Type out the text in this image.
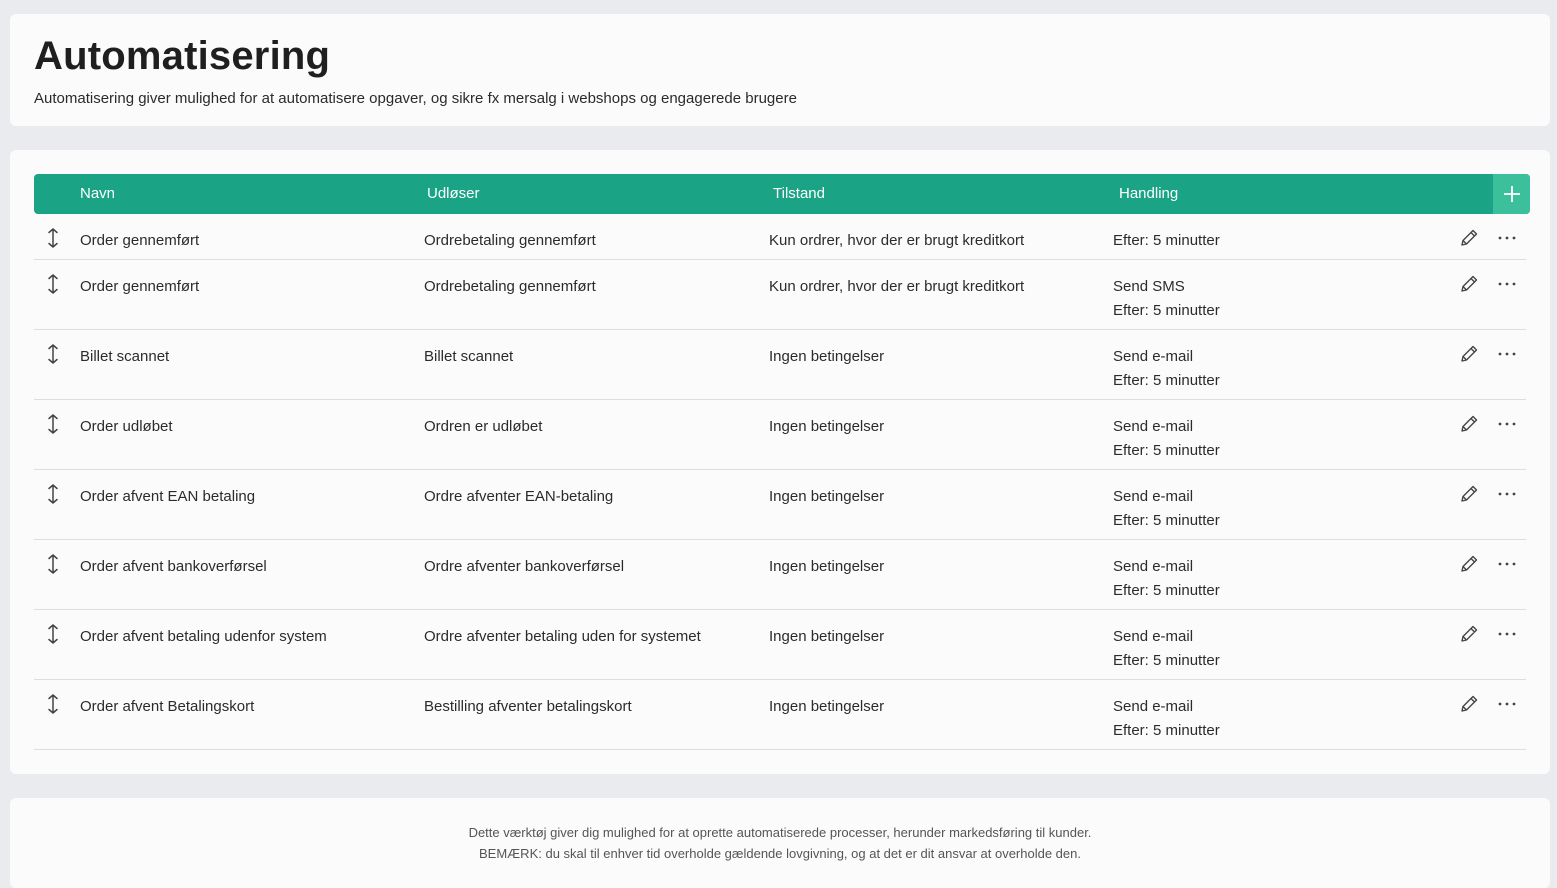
Automatisering

Automatisering giver mulighed for at automatisere opgaver, og sikre fx mersalg i webshops og engagerede brugere

Navn	Udløser	Tilstand	Handling
Order gennemført	Ordrebetaling gennemført	Kun ordrer, hvor der er brugt kreditkort	Efter: 5 minutter
Order gennemført	Ordrebetaling gennemført	Kun ordrer, hvor der er brugt kreditkort	Send SMS
Efter: 5 minutter
Billet scannet	Billet scannet	Ingen betingelser	Send e-mail
Efter: 5 minutter
Order udløbet	Ordren er udløbet	Ingen betingelser	Send e-mail
Efter: 5 minutter
Order afvent EAN betaling	Ordre afventer EAN-betaling	Ingen betingelser	Send e-mail
Efter: 5 minutter
Order afvent bankoverførsel	Ordre afventer bankoverførsel	Ingen betingelser	Send e-mail
Efter: 5 minutter
Order afvent betaling udenfor system	Ordre afventer betaling uden for systemet	Ingen betingelser	Send e-mail
Efter: 5 minutter
Order afvent Betalingskort	Bestilling afventer betalingskort	Ingen betingelser	Send e-mail
Efter: 5 minutter

Dette værktøj giver dig mulighed for at oprette automatiserede processer, herunder markedsføring til kunder.

BEMÆRK: du skal til enhver tid overholde gældende lovgivning, og at det er dit ansvar at overholde den.
